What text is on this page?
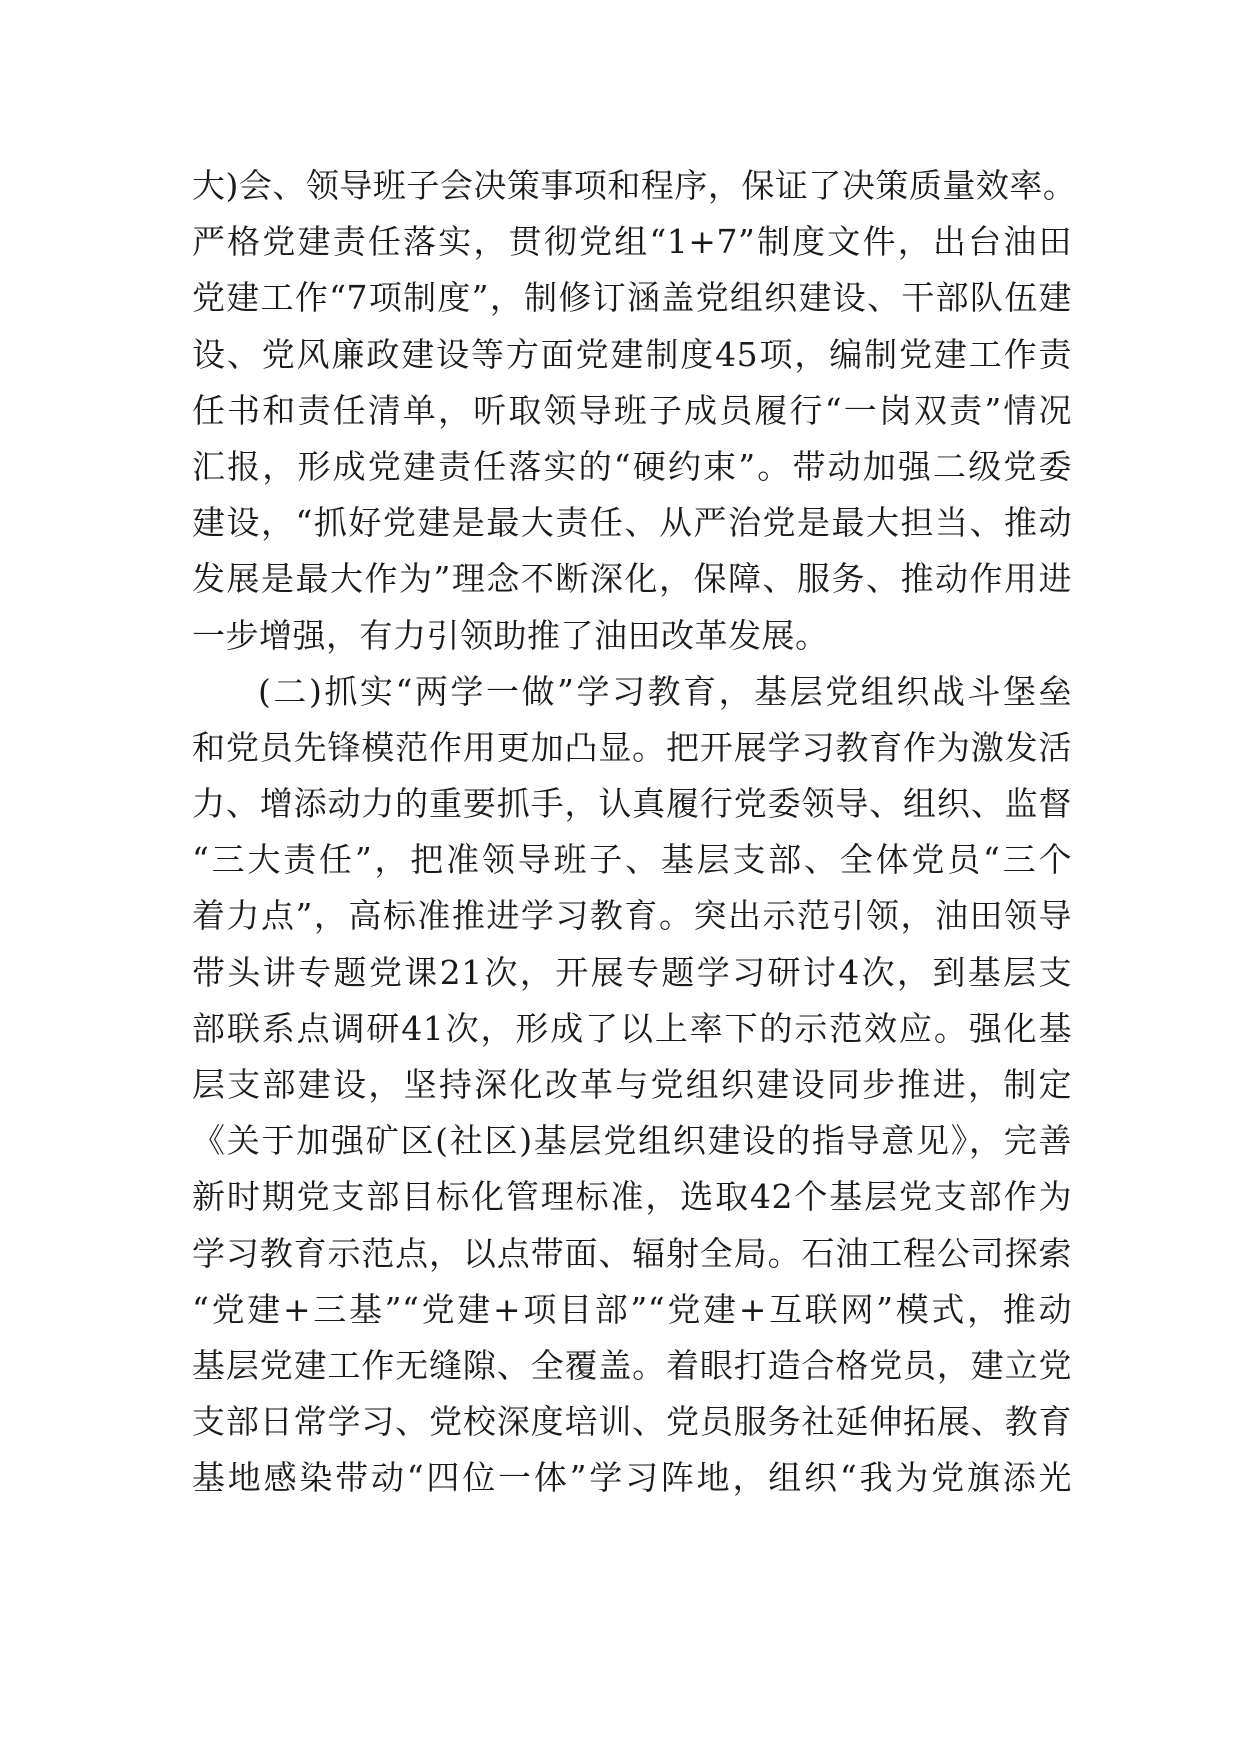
大)会、领导班子会决策事项和程序，保证了决策质量效率。
严格党建责任落实，贯彻党组“1+7”制度文件，出台油田
党建工作“7项制度”，制修订涵盖党组织建设、干部队伍建
设、党风廉政建设等方面党建制度45项，编制党建工作责
任书和责任清单，听取领导班子成员履行“一岗双责”情况
汇报，形成党建责任落实的“硬约束”。带动加强二级党委
建设，“抓好党建是最大责任、从严治党是最大担当、推动
发展是最大作为”理念不断深化，保障、服务、推动作用进
一步增强，有力引领助推了油田改革发展。
(二)抓实“两学一做”学习教育，基层党组织战斗堡垒
和党员先锋模范作用更加凸显。把开展学习教育作为激发活
力、增添动力的重要抓手，认真履行党委领导、组织、监督
“三大责任”，把准领导班子、基层支部、全体党员“三个
着力点”，高标准推进学习教育。突出示范引领，油田领导
带头讲专题党课21次，开展专题学习研讨4次，到基层支
部联系点调研41次，形成了以上率下的示范效应。强化基
层支部建设，坚持深化改革与党组织建设同步推进，制定
《关于加强矿区(社区)基层党组织建设的指导意见》，完善
新时期党支部目标化管理标准，选取42个基层党支部作为
学习教育示范点，以点带面、辐射全局。石油工程公司探索
“党建+三基”“党建+项目部”“党建+互联网”模式，推动
基层党建工作无缝隙、全覆盖。着眼打造合格党员，建立党
支部日常学习、党校深度培训、党员服务社延伸拓展、教育
基地感染带动“四位一体”学习阵地，组织“我为党旗添光
